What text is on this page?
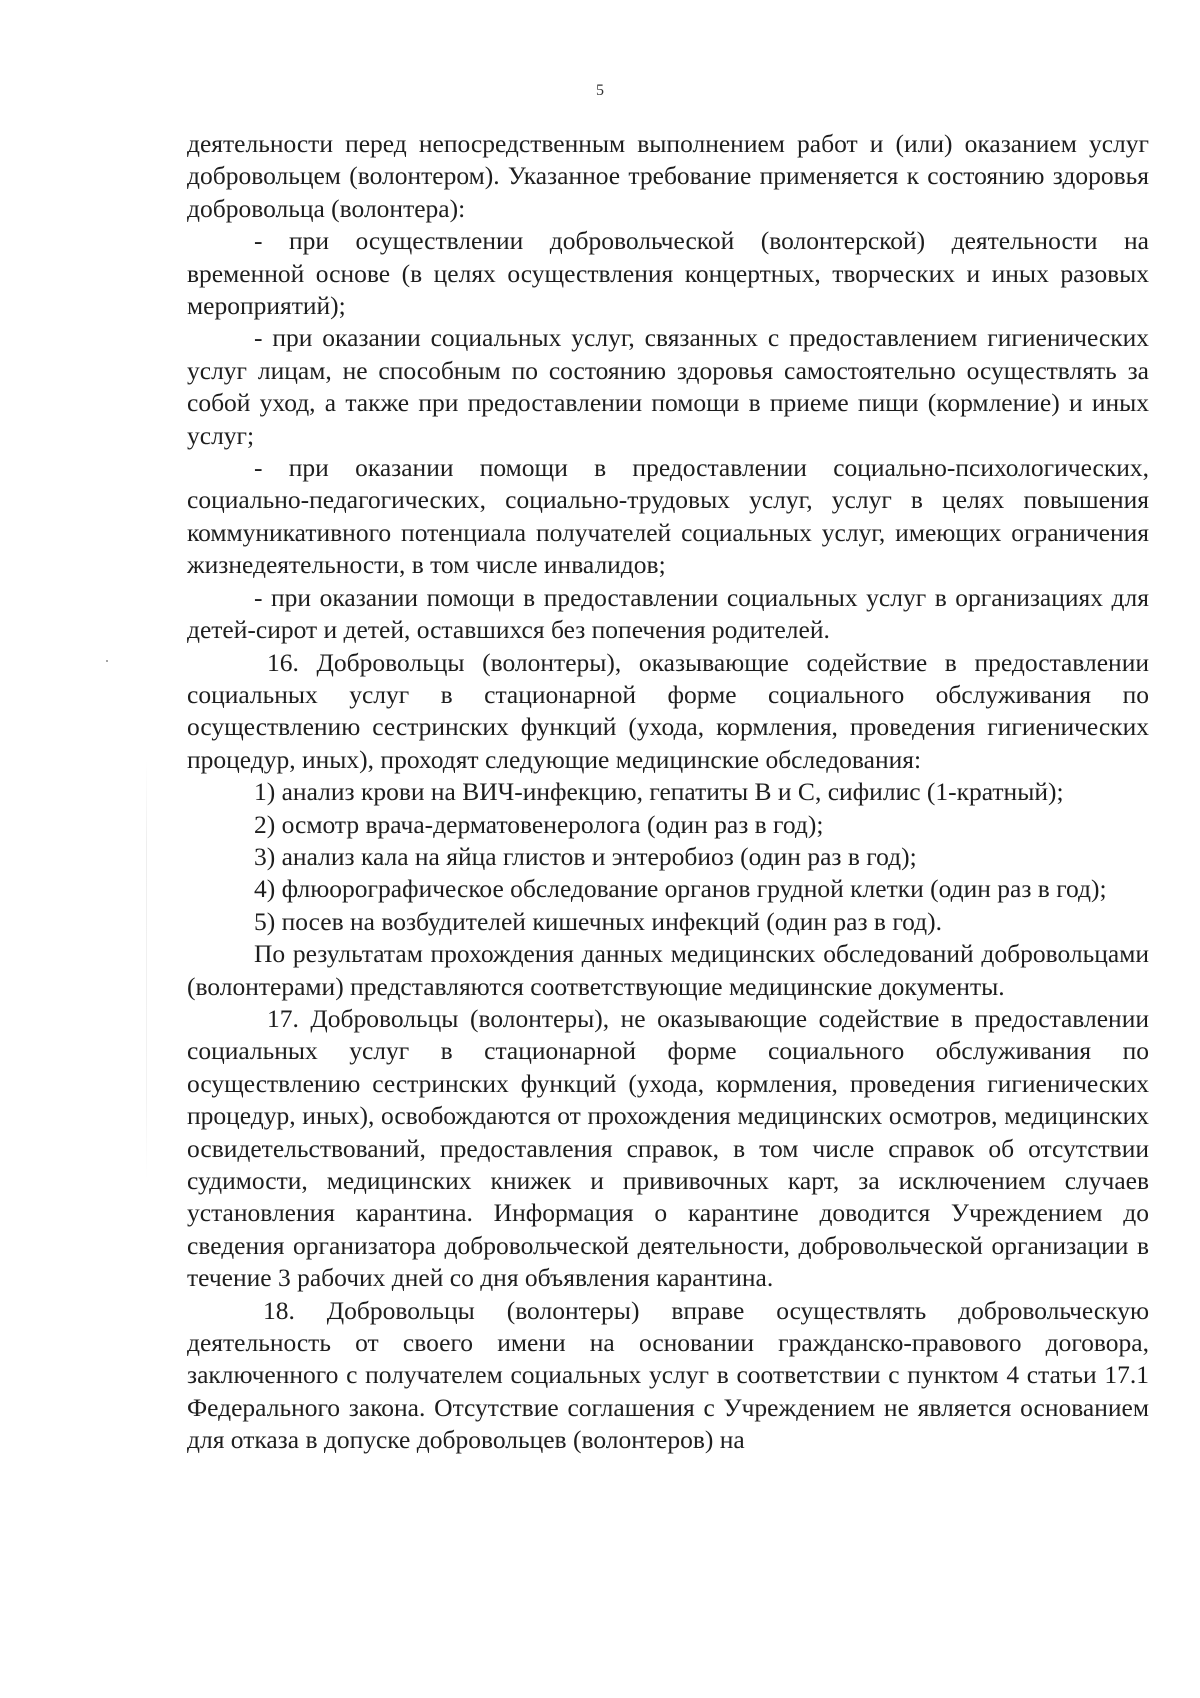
5

деятельности перед непосредственным выполнением работ и (или) оказанием услуг добровольцем (волонтером). Указанное требование применяется к состоянию здоровья добровольца (волонтера):

- при осуществлении добровольческой (волонтерской) деятельности на временной основе (в целях осуществления концертных, творческих и иных разовых мероприятий);

- при оказании социальных услуг, связанных с предоставлением гигиенических услуг лицам, не способным по состоянию здоровья самостоятельно осуществлять за собой уход, а также при предоставлении помощи в приеме пищи (кормление) и иных услуг;

- при оказании помощи в предоставлении социально-психологических, социально-педагогических, социально-трудовых услуг, услуг в целях повышения коммуникативного потенциала получателей социальных услуг, имеющих ограничения жизнедеятельности, в том числе инвалидов;

- при оказании помощи в предоставлении социальных услуг в организациях для детей-сирот и детей, оставшихся без попечения родителей.

16. Добровольцы (волонтеры), оказывающие содействие в предоставлении социальных услуг в стационарной форме социального обслуживания по осуществлению сестринских функций (ухода, кормления, проведения гигиенических процедур, иных), проходят следующие медицинские обследования:

1) анализ крови на ВИЧ-инфекцию, гепатиты В и С, сифилис (1-кратный);

2) осмотр врача-дерматовенеролога (один раз в год);

3) анализ кала на яйца глистов и энтеробиоз (один раз в год);

4) флюорографическое обследование органов грудной клетки (один раз в год);

5) посев на возбудителей кишечных инфекций (один раз в год).

По результатам прохождения данных медицинских обследований добровольцами (волонтерами) представляются соответствующие медицинские документы.

17. Добровольцы (волонтеры), не оказывающие содействие в предоставлении социальных услуг в стационарной форме социального обслуживания по осуществлению сестринских функций (ухода, кормления, проведения гигиенических процедур, иных), освобождаются от прохождения медицинских осмотров, медицинских освидетельствований, предоставления справок, в том числе справок об отсутствии судимости, медицинских книжек и прививочных карт, за исключением случаев установления карантина. Информация о карантине доводится Учреждением до сведения организатора добровольческой деятельности, добровольческой организации в течение 3 рабочих дней со дня объявления карантина.

18. Добровольцы (волонтеры) вправе осуществлять добровольческую деятельность от своего имени на основании гражданско-правового договора, заключенного с получателем социальных услуг в соответствии с пунктом 4 статьи 17.1 Федерального закона. Отсутствие соглашения с Учреждением не является основанием для отказа в допуске добровольцев (волонтеров) на
